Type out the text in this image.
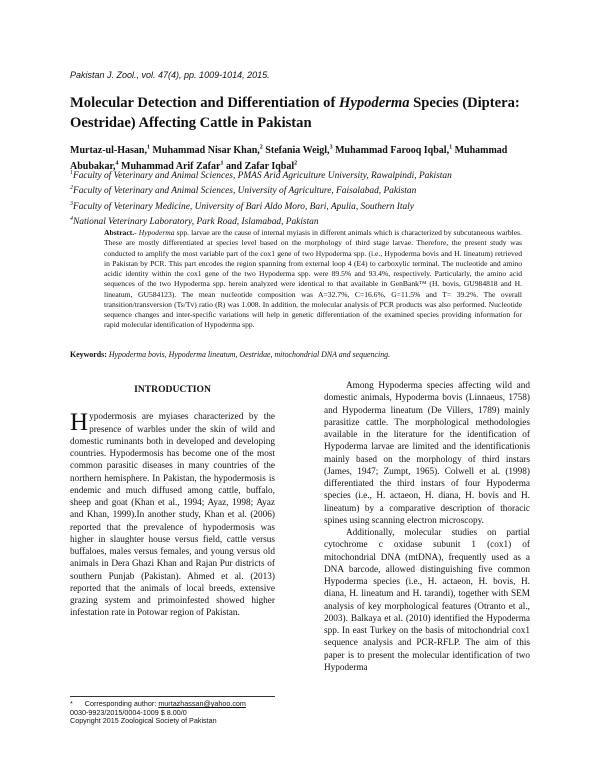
Pakistan J. Zool., vol. 47(4), pp. 1009-1014, 2015.
Molecular Detection and Differentiation of Hypoderma Species (Diptera: Oestridae) Affecting Cattle in Pakistan
Murtaz-ul-Hasan,$^1$ Muhammad Nisar Khan,$^2$ Stefania Weigl,$^3$ Muhammad Farooq Iqbal,$^1$ Muhammad Abubakar,$^4$ Muhammad Arif Zafar$^1$ and Zafar Iqbal$^2$
$^1$Faculty of Veterinary and Animal Sciences, PMAS Arid Agriculture University, Rawalpindi, Pakistan
$^2$Faculty of Veterinary and Animal Sciences, University of Agriculture, Faisalabad, Pakistan
$^3$Faculty of Veterinary Medicine, University of Bari Aldo Moro, Bari, Apulia, Southern Italy
$^4$National Veterinary Laboratory, Park Road, Islamabad, Pakistan
Abstract.- Hypoderma spp. larvae are the cause of internal myiasis in different animals which is characterized by subcutaneous warbles. These are mostly differentiated at species level based on the morphology of third stage larvae. Therefore, the present study was conducted to amplify the most variable part of the cox1 gene of two Hypoderma spp. (i.e., Hypoderma bovis and H. lineatum) retrieved in Pakistan by PCR. This part encodes the region spanning from external loop 4 (E4) to carboxylic terminal. The nucleotide and amino acidic identity within the cox1 gene of the two Hypoderma spp. were 89.5% and 93.4%, respectively. Particularly, the amino acid sequences of the two Hypoderma spp. herein analyzed were identical to that available in GenBank™ (H. bovis, GU984818 and H. lineatum, GU584123). The mean nucleotide composition was A=32.7%, C=16.6%, G=11.5% and T= 39.2%. The overall transition/transversion (Ts/Tv) ratio (R) was 1.008. In addition, the molecular analysis of PCR products was also performed. Nucleotide sequence changes and inter-specific variations will help in genetic differentiation of the examined species providing information for rapid molecular identification of Hypoderma spp.
Keywords: Hypoderma bovis, Hypoderma lineatum, Oestridae, mitochondrial DNA and sequencing.
INTRODUCTION

Hypodermosis are myiases characterized by the presence of warbles under the skin of wild and domestic ruminants both in developed and developing countries. Hypodermosis has become one of the most common parasitic diseases in many countries of the northern hemisphere. In Pakistan, the hypodermosis is endemic and much diffused among cattle, buffalo, sheep and goat (Khan et al., 1994; Ayaz, 1998; Ayaz and Khan, 1999).In another study, Khan et al. (2006) reported that the prevalence of hypodermosis was higher in slaughter house versus field, cattle versus buffaloes, males versus females, and young versus old animals in Dera Ghazi Khan and Rajan Pur districts of southern Punjab (Pakistan). Ahmed et al. (2013) reported that the animals of local breeds, extensive grazing system and primoinfested showed higher infestation rate in Potowar region of Pakistan.

Among Hypoderma species affecting wild and domestic animals, Hypoderma bovis (Linnaeus, 1758) and Hypoderma lineatum (De Villers, 1789) mainly parasitize cattle. The morphological methodologies available in the literature for the identification of Hypoderma larvae are limited and the identificationis mainly based on the morphology of third instars (James, 1947; Zumpt, 1965). Colwell et al. (1998) differentiated the third instars of four Hypoderma species (i.e., H. actaeon, H. diana, H. bovis and H. lineatum) by a comparative description of thoracic spines using scanning electron microscopy.

Additionally, molecular studies on partial cytochrome c oxidase subunit 1 (cox1) of mitochondrial DNA (mtDNA), frequently used as a DNA barcode, allowed distinguishing five common Hypoderma species (i.e., H. actaeon, H. bovis, H. diana, H. lineatum and H. tarandi), together with SEM analysis of key morphological features (Otranto et al., 2003). Balkaya et al. (2010) identified the Hypoderma spp. In east Turkey on the basis of mitochondrial cox1 sequence analysis and PCR-RFLP. The aim of this paper is to present the molecular identification of two Hypoderma

*      Corresponding author: murtazhassan@yahoo.com
0030-9923/2015/0004-1009 $ 8.00/0
Copyright 2015 Zoological Society of Pakistan
